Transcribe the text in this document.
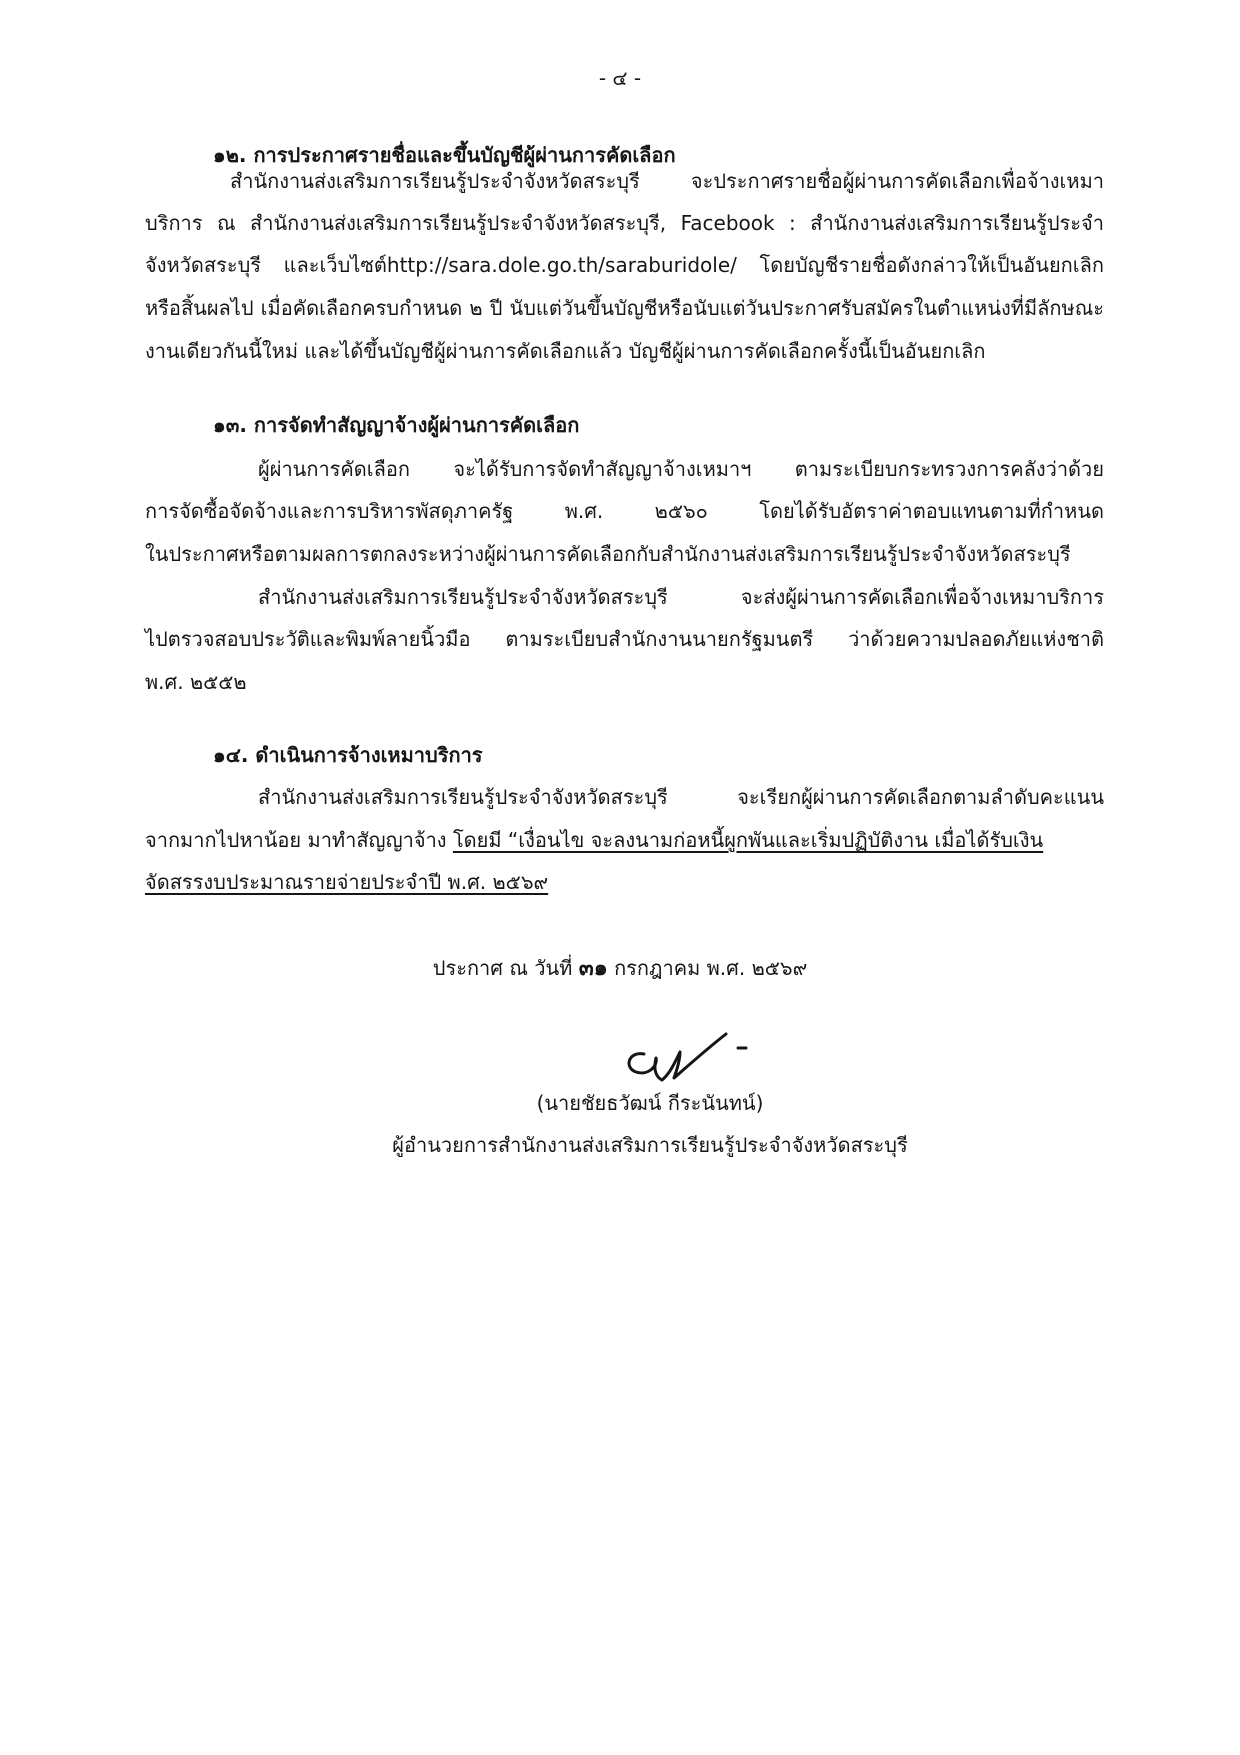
- ๔ -

๑๒. การประกาศรายชื่อและขึ้นบัญชีผู้ผ่านการคัดเลือก

สำนักงานส่งเสริมการเรียนรู้ประจำจังหวัดสระบุรี จะประกาศรายชื่อผู้ผ่านการคัดเลือกเพื่อจ้างเหมา

บริการ ณ สำนักงานส่งเสริมการเรียนรู้ประจำจังหวัดสระบุรี, Facebook : สำนักงานส่งเสริมการเรียนรู้ประจำ

จังหวัดสระบุรี และเว็บไซต์http://sara.dole.go.th/saraburidole/ โดยบัญชีรายชื่อดังกล่าวให้เป็นอันยกเลิก

หรือสิ้นผลไป เมื่อคัดเลือกครบกำหนด ๒ ปี นับแต่วันขึ้นบัญชีหรือนับแต่วันประกาศรับสมัครในตำแหน่งที่มีลักษณะ

งานเดียวกันนี้ใหม่ และได้ขึ้นบัญชีผู้ผ่านการคัดเลือกแล้ว บัญชีผู้ผ่านการคัดเลือกครั้งนี้เป็นอันยกเลิก

๑๓. การจัดทำสัญญาจ้างผู้ผ่านการคัดเลือก

ผู้ผ่านการคัดเลือก จะได้รับการจัดทำสัญญาจ้างเหมาฯ ตามระเบียบกระทรวงการคลังว่าด้วย

การจัดซื้อจัดจ้างและการบริหารพัสดุภาครัฐ พ.ศ. ๒๕๖๐ โดยได้รับอัตราค่าตอบแทนตามที่กำหนด

ในประกาศหรือตามผลการตกลงระหว่างผู้ผ่านการคัดเลือกกับสำนักงานส่งเสริมการเรียนรู้ประจำจังหวัดสระบุรี

สำนักงานส่งเสริมการเรียนรู้ประจำจังหวัดสระบุรี จะส่งผู้ผ่านการคัดเลือกเพื่อจ้างเหมาบริการ

ไปตรวจสอบประวัติและพิมพ์ลายนิ้วมือ ตามระเบียบสำนักงานนายกรัฐมนตรี ว่าด้วยความปลอดภัยแห่งชาติ

พ.ศ. ๒๕๕๒

๑๔. ดำเนินการจ้างเหมาบริการ

สำนักงานส่งเสริมการเรียนรู้ประจำจังหวัดสระบุรี จะเรียกผู้ผ่านการคัดเลือกตามลำดับคะแนน

จากมากไปหาน้อย มาทำสัญญาจ้าง โดยมี “เงื่อนไข จะลงนามก่อหนี้ผูกพันและเริ่มปฏิบัติงาน เมื่อได้รับเงิน

จัดสรรงบประมาณรายจ่ายประจำปี พ.ศ. ๒๕๖๙

ประกาศ ณ วันที่ ๓๑ กรกฎาคม พ.ศ. ๒๕๖๙

(นายชัยธวัฒน์ กีระนันทน์)

ผู้อำนวยการสำนักงานส่งเสริมการเรียนรู้ประจำจังหวัดสระบุรี
